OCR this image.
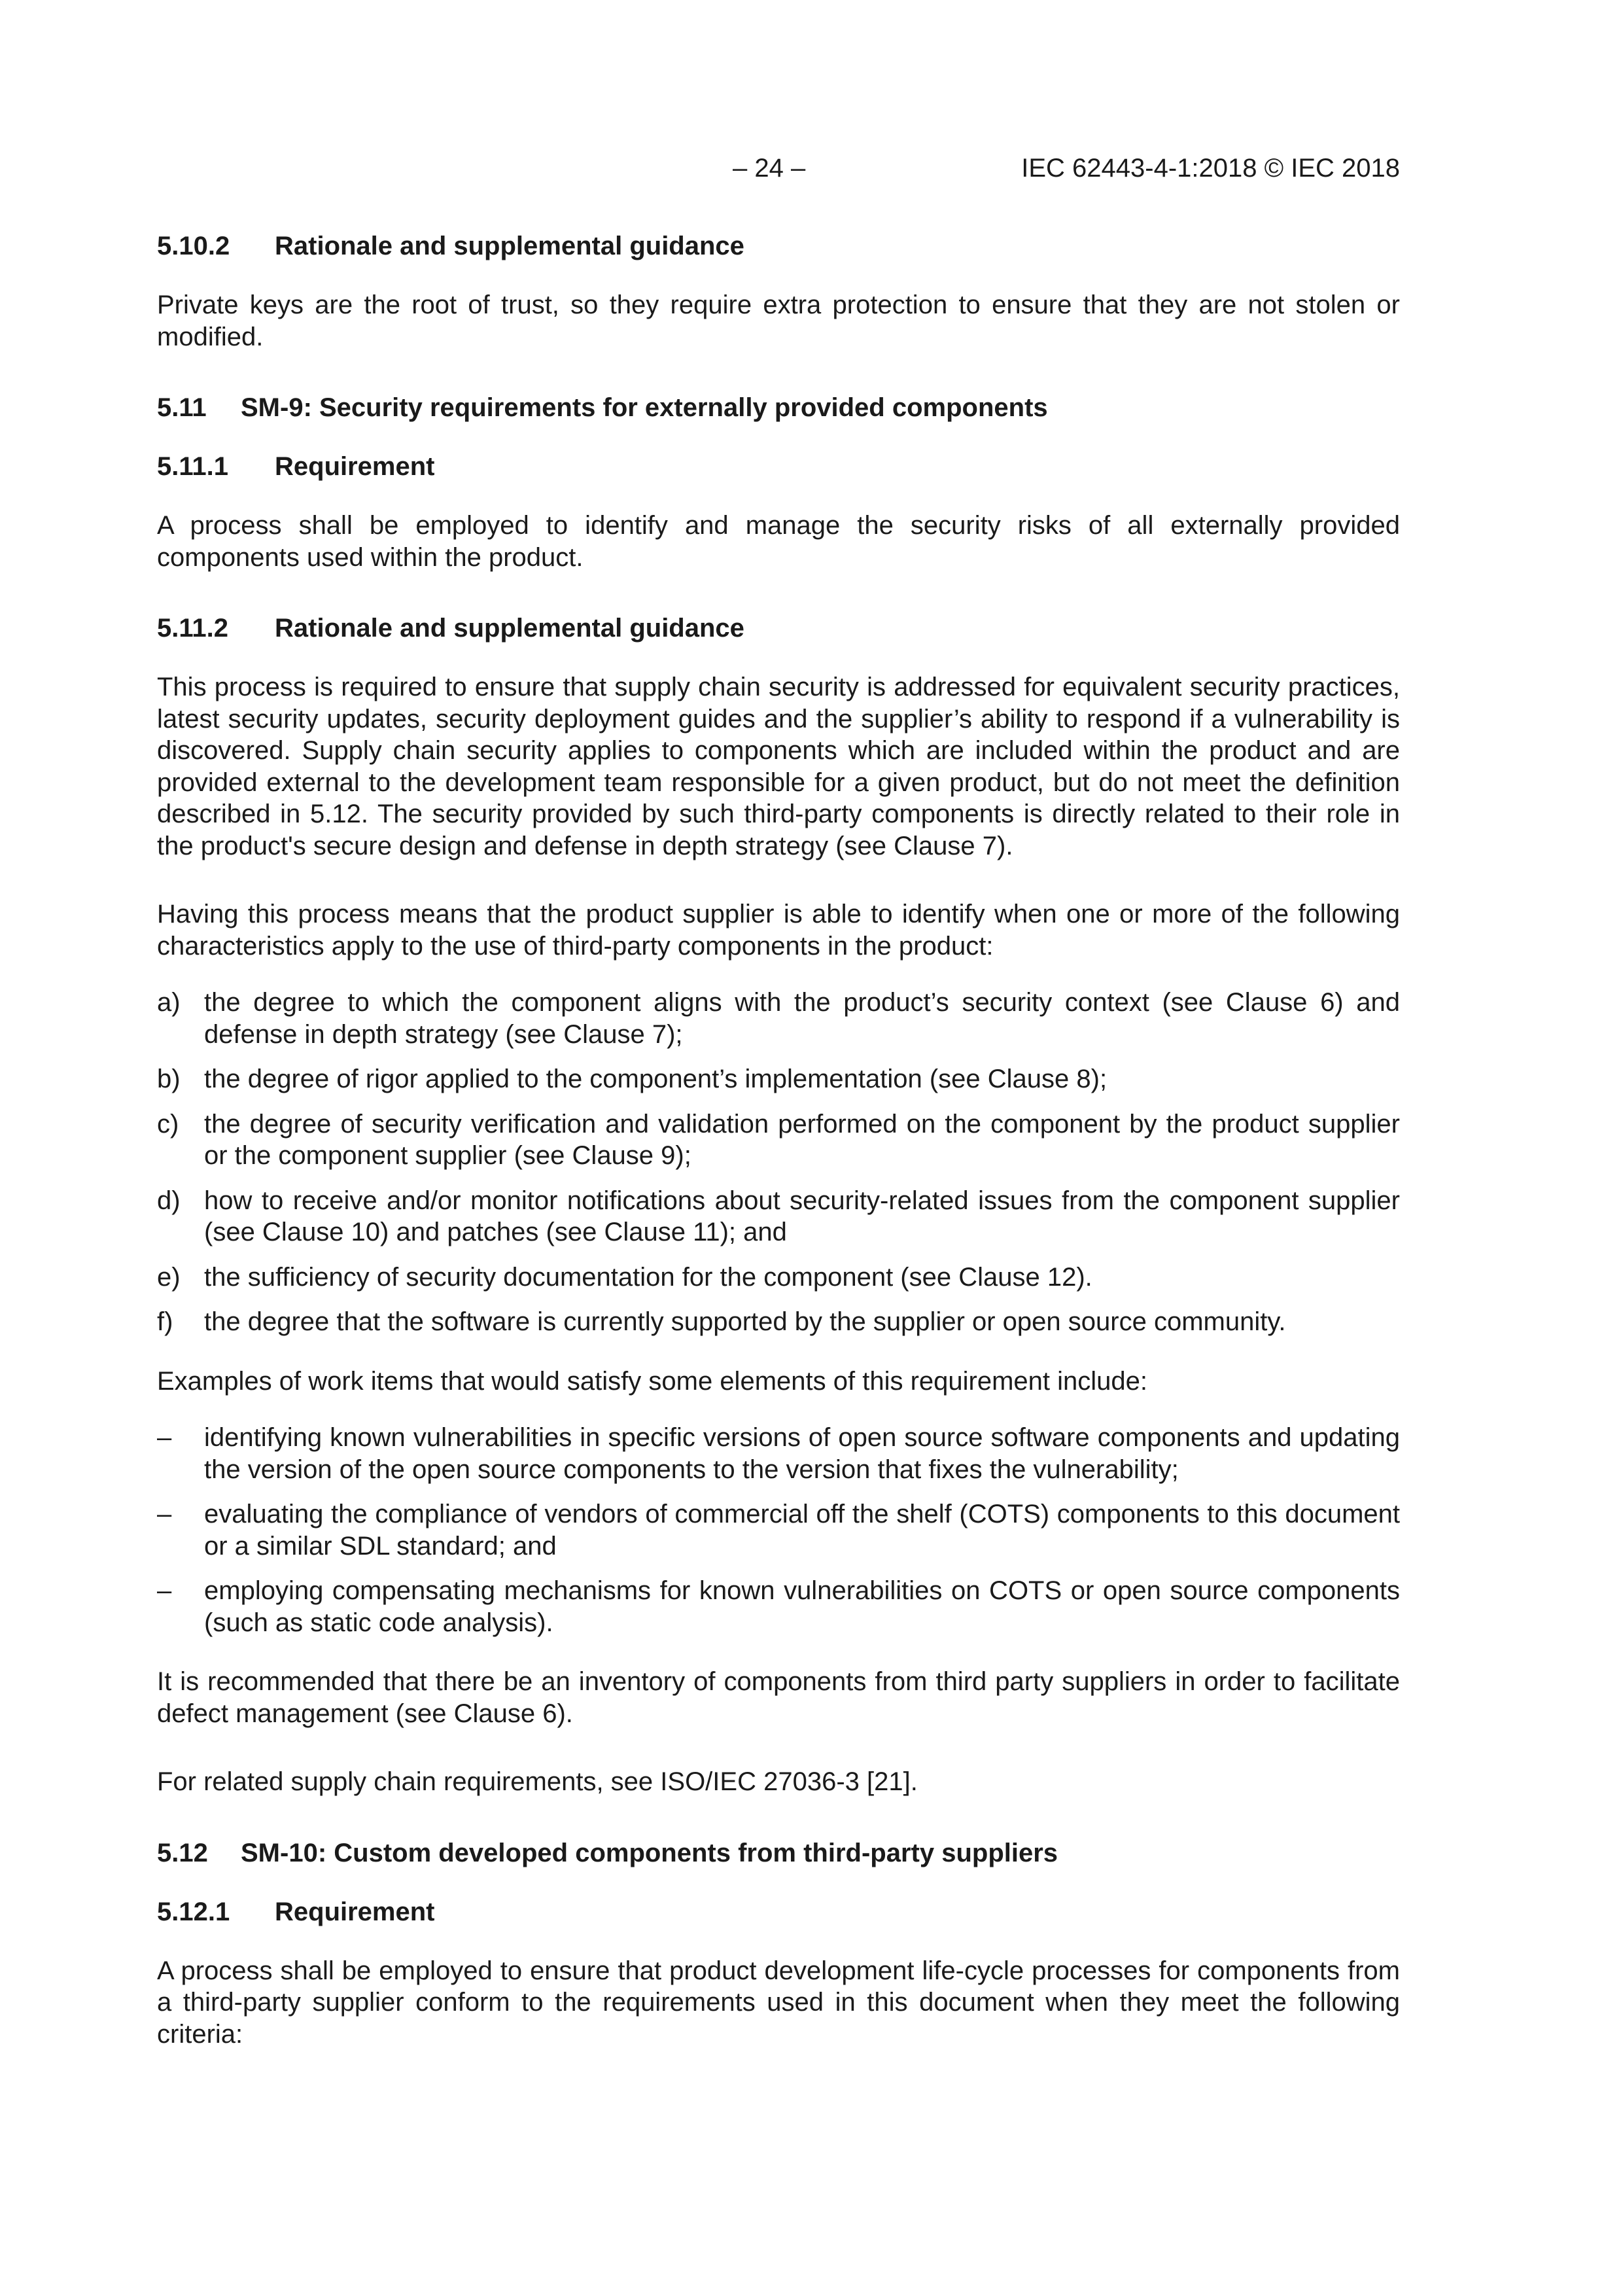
– 24 –	IEC 62443-4-1:2018 © IEC 2018
5.10.2	Rationale and supplemental guidance

Private keys are the root of trust, so they require extra protection to ensure that they are not stolen or modified.

5.11	SM-9: Security requirements for externally provided components
5.11.1	Requirement

A process shall be employed to identify and manage the security risks of all externally provided components used within the product.

5.11.2	Rationale and supplemental guidance

This process is required to ensure that supply chain security is addressed for equivalent security practices, latest security updates, security deployment guides and the supplier’s ability to respond if a vulnerability is discovered. Supply chain security applies to components which are included within the product and are provided external to the development team responsible for a given product, but do not meet the definition described in 5.12. The security provided by such third-party components is directly related to their role in the product's secure design and defense in depth strategy (see Clause 7).

Having this process means that the product supplier is able to identify when one or more of the following characteristics apply to the use of third-party components in the product:

a) the degree to which the component aligns with the product’s security context (see Clause 6) and defense in depth strategy (see Clause 7);
b) the degree of rigor applied to the component’s implementation (see Clause 8);
c) the degree of security verification and validation performed on the component by the product supplier or the component supplier (see Clause 9);
d) how to receive and/or monitor notifications about security-related issues from the component supplier (see Clause 10) and patches (see Clause 11); and
e) the sufficiency of security documentation for the component (see Clause 12).
f) the degree that the software is currently supported by the supplier or open source community.

Examples of work items that would satisfy some elements of this requirement include:

– identifying known vulnerabilities in specific versions of open source software components and updating the version of the open source components to the version that fixes the vulnerability;
– evaluating the compliance of vendors of commercial off the shelf (COTS) components to this document or a similar SDL standard; and
– employing compensating mechanisms for known vulnerabilities on COTS or open source components (such as static code analysis).

It is recommended that there be an inventory of components from third party suppliers in order to facilitate defect management (see Clause 6).

For related supply chain requirements, see ISO/IEC 27036-3 [21].

5.12	SM-10: Custom developed components from third-party suppliers
5.12.1	Requirement

A process shall be employed to ensure that product development life-cycle processes for components from a third-party supplier conform to the requirements used in this document when they meet the following criteria:
